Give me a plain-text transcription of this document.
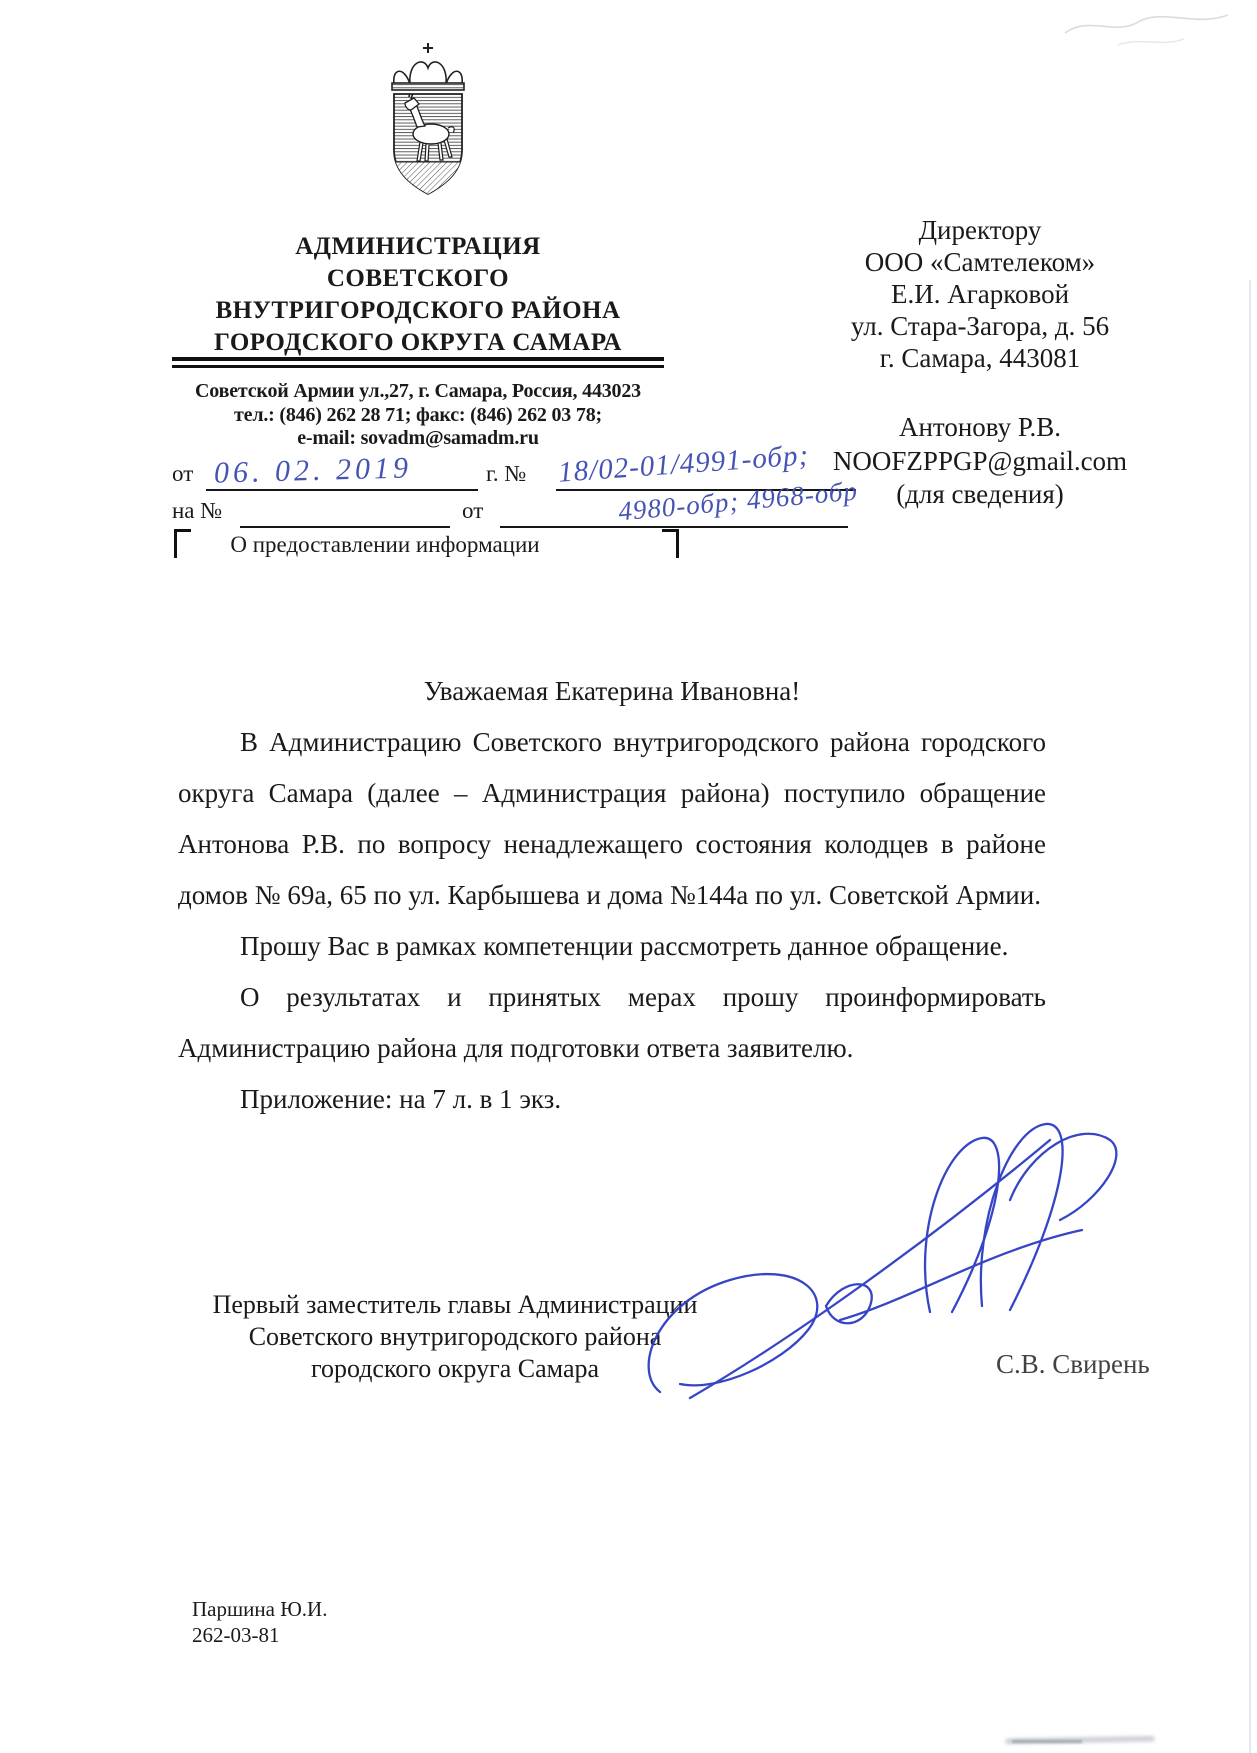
АДМИНИСТРАЦИЯ
СОВЕТСКОГО
ВНУТРИГОРОДСКОГО РАЙОНА
ГОРОДСКОГО ОКРУГА САМАРА
Советской Армии ул.,27, г. Самара, Россия, 443023
тел.: (846) 262 28 71; факс: (846) 262 03 78;
e-mail: sovadm@samadm.ru
от	г. №
06. 02. 2019	18/02-01/4991-обр;
4980-обр; 4968-обр
на №	от
О предоставлении информации
Директору
ООО «Самтелеком»
Е.И. Агарковой
ул. Стара-Загора, д. 56
г. Самара, 443081
Антонову Р.В.
NOOFZPPGP@gmail.com
(для сведения)
Уважаемая Екатерина Ивановна!

В Администрацию Советского внутригородского района городского округа Самара (далее – Администрация района) поступило обращение Антонова Р.В. по вопросу ненадлежащего состояния колодцев в районе домов № 69а, 65 по ул. Карбышева и дома №144а по ул. Советской Армии.

Прошу Вас в рамках компетенции рассмотреть данное обращение.

О результатах и принятых мерах прошу проинформировать Администрацию района для подготовки ответа заявителю.

Приложение: на 7 л. в 1 экз.

Первый заместитель главы Администрации
Советского внутригородского района
городского округа Самара	С.В. Свирень
Паршина Ю.И.
262-03-81
